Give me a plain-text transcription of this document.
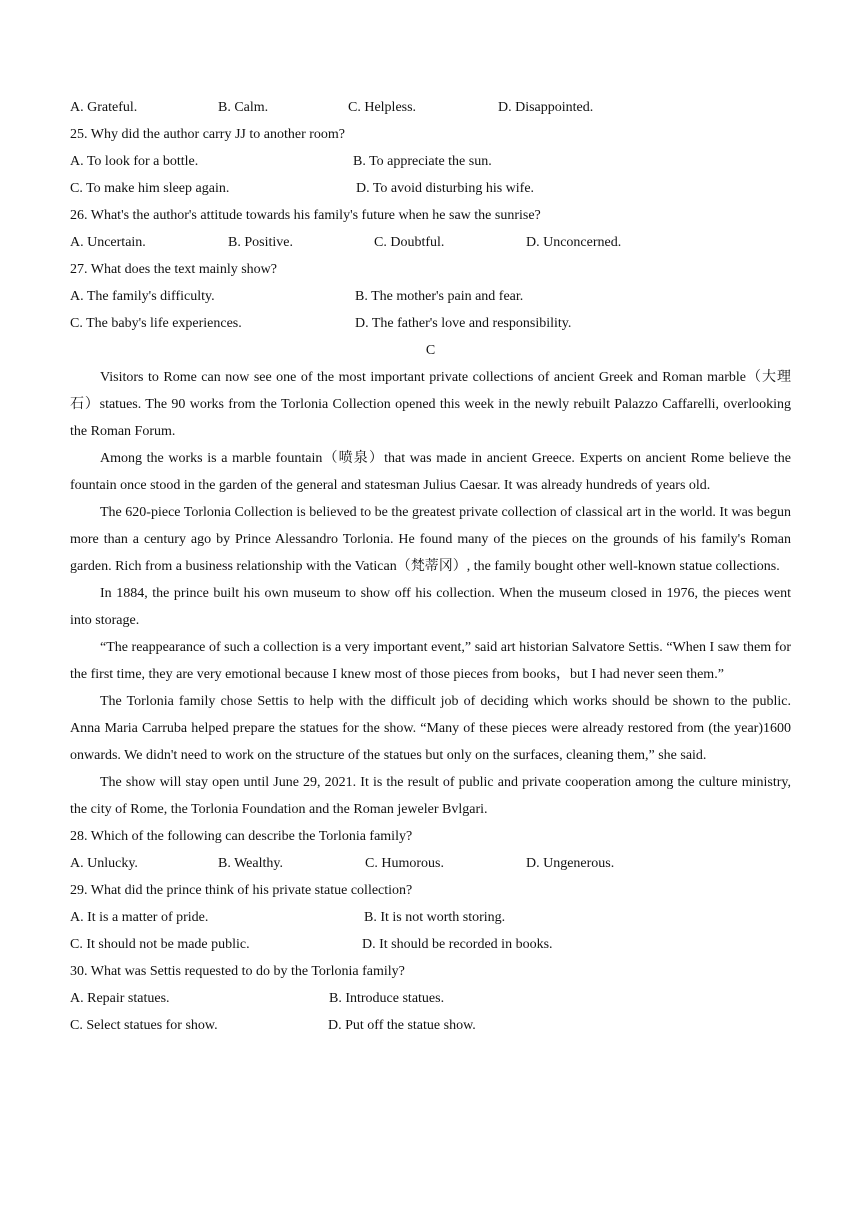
A. Grateful.	B. Calm.	C. Helpless.	D. Disappointed.
25. Why did the author carry JJ to another room?
A. To look for a bottle.	B. To appreciate the sun.
C. To make him sleep again.	D. To avoid disturbing his wife.
26. What's the author's attitude towards his family's future when he saw the sunrise?
A. Uncertain.	B. Positive.	C. Doubtful.	D. Unconcerned.
27. What does the text mainly show?
A. The family's difficulty.	B. The mother's pain and fear.
C. The baby's life experiences.	D. The father's love and responsibility.
C

Visitors to Rome can now see one of the most important private collections of ancient Greek and Roman marble（大理石）statues. The 90 works from the Torlonia Collection opened this week in the newly rebuilt Palazzo Caffarelli, overlooking the Roman Forum.

Among the works is a marble fountain（喷泉）that was made in ancient Greece. Experts on ancient Rome believe the fountain once stood in the garden of the general and statesman Julius Caesar. It was already hundreds of years old.

The 620-piece Torlonia Collection is believed to be the greatest private collection of classical art in the world. It was begun more than a century ago by Prince Alessandro Torlonia. He found many of the pieces on the grounds of his family's Roman garden. Rich from a business relationship with the Vatican（梵蒂冈）, the family bought other well-known statue collections.

In 1884, the prince built his own museum to show off his collection. When the museum closed in 1976, the pieces went into storage.

“The reappearance of such a collection is a very important event,” said art historian Salvatore Settis. “When I saw them for the first time, they are very emotional because I knew most of those pieces from books，but I had never seen them.”

The Torlonia family chose Settis to help with the difficult job of deciding which works should be shown to the public. Anna Maria Carruba helped prepare the statues for the show. “Many of these pieces were already restored from (the year)1600 onwards. We didn't need to work on the structure of the statues but only on the surfaces, cleaning them,” she said.

The show will stay open until June 29, 2021. It is the result of public and private cooperation among the culture ministry, the city of Rome, the Torlonia Foundation and the Roman jeweler Bvlgari.

28. Which of the following can describe the Torlonia family?
A. Unlucky.	B. Wealthy.	C. Humorous.	D. Ungenerous.
29. What did the prince think of his private statue collection?
A. It is a matter of pride.	B. It is not worth storing.
C. It should not be made public.	D. It should be recorded in books.
30. What was Settis requested to do by the Torlonia family?
A. Repair statues.	B. Introduce statues.
C. Select statues for show.	D. Put off the statue show.
